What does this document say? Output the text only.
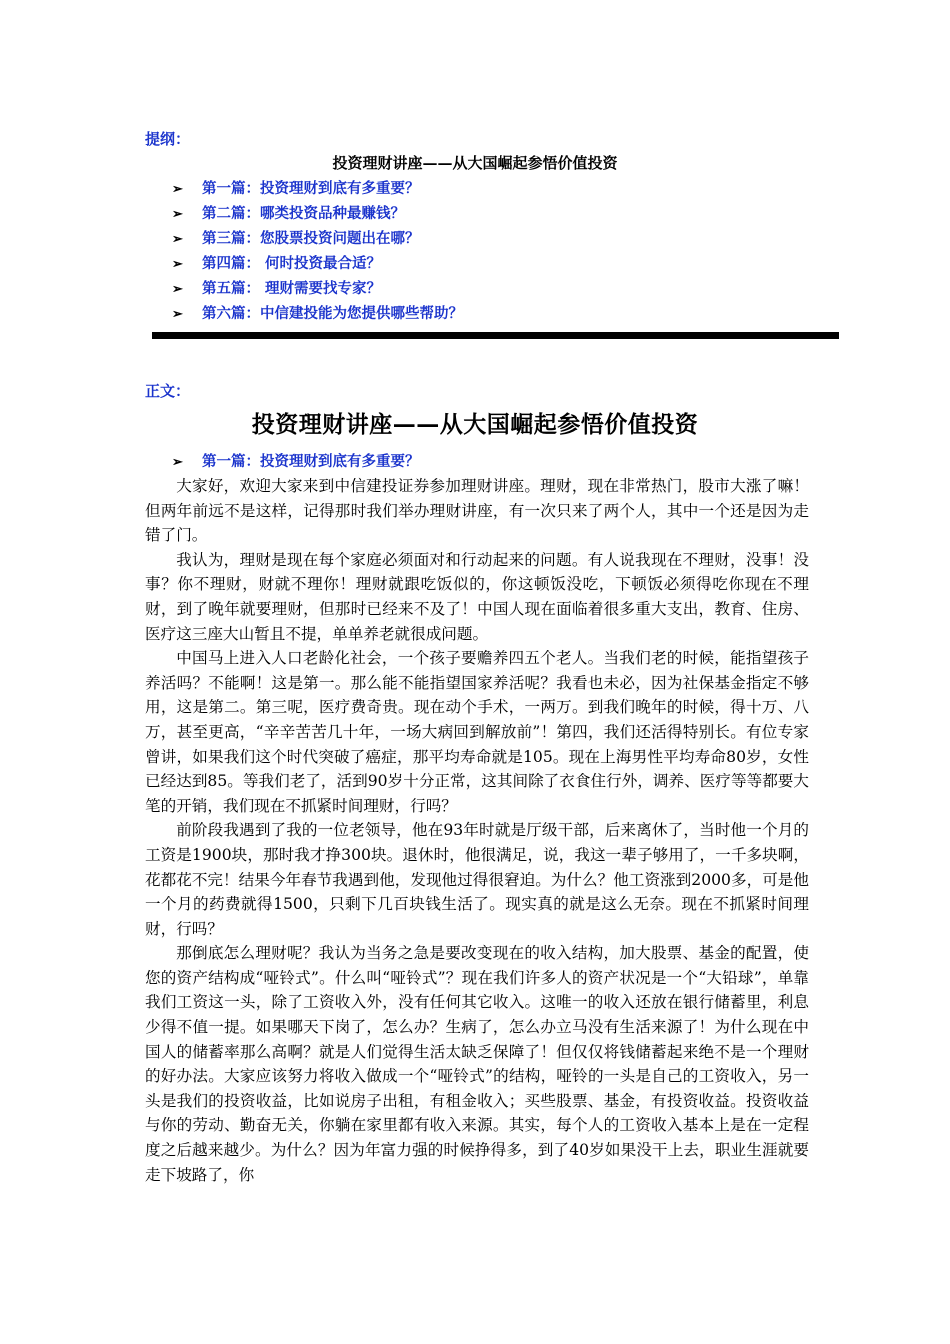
提纲：
投资理财讲座——从大国崛起参悟价值投资
➢ 第一篇：投资理财到底有多重要？
➢ 第二篇：哪类投资品种最赚钱？
➢ 第三篇：您股票投资问题出在哪？
➢ 第四篇： 何时投资最合适？
➢ 第五篇： 理财需要找专家？
➢ 第六篇：中信建投能为您提供哪些帮助？
正文：
投资理财讲座——从大国崛起参悟价值投资
➢ 第一篇：投资理财到底有多重要？

大家好，欢迎大家来到中信建投证券参加理财讲座。理财，现在非常热门，股市大涨了嘛！但两年前远不是这样，记得那时我们举办理财讲座，有一次只来了两个人，其中一个还是因为走错了门。

我认为，理财是现在每个家庭必须面对和行动起来的问题。有人说我现在不理财，没事！没事？你不理财，财就不理你！理财就跟吃饭似的，你这顿饭没吃，下顿饭必须得吃你现在不理财，到了晚年就要理财，但那时已经来不及了！中国人现在面临着很多重大支出，教育、住房、医疗这三座大山暂且不提，单单养老就很成问题。

中国马上进入人口老龄化社会，一个孩子要赡养四五个老人。当我们老的时候，能指望孩子养活吗？不能啊！这是第一。那么能不能指望国家养活呢？我看也未必，因为社保基金指定不够用，这是第二。第三呢，医疗费奇贵。现在动个手术，一两万。到我们晚年的时候，得十万、八万，甚至更高，“辛辛苦苦几十年，一场大病回到解放前”！第四，我们还活得特别长。有位专家曾讲，如果我们这个时代突破了癌症，那平均寿命就是105。现在上海男性平均寿命80岁，女性已经达到85。等我们老了，活到90岁十分正常，这其间除了衣食住行外，调养、医疗等等都要大笔的开销，我们现在不抓紧时间理财，行吗？

前阶段我遇到了我的一位老领导，他在93年时就是厅级干部，后来离休了，当时他一个月的工资是1900块，那时我才挣300块。退休时，他很满足，说，我这一辈子够用了，一千多块啊，花都花不完！结果今年春节我遇到他，发现他过得很窘迫。为什么？他工资涨到2000多，可是他一个月的药费就得1500，只剩下几百块钱生活了。现实真的就是这么无奈。现在不抓紧时间理财，行吗？

那倒底怎么理财呢？我认为当务之急是要改变现在的收入结构，加大股票、基金的配置，使您的资产结构成“哑铃式”。什么叫“哑铃式”？现在我们许多人的资产状况是一个“大铅球”，单靠我们工资这一头，除了工资收入外，没有任何其它收入。这唯一的收入还放在银行储蓄里，利息少得不值一提。如果哪天下岗了，怎么办？生病了，怎么办立马没有生活来源了！为什么现在中国人的储蓄率那么高啊？就是人们觉得生活太缺乏保障了！但仅仅将钱储蓄起来绝不是一个理财的好办法。大家应该努力将收入做成一个“哑铃式”的结构，哑铃的一头是自己的工资收入，另一头是我们的投资收益，比如说房子出租，有租金收入；买些股票、基金，有投资收益。投资收益与你的劳动、勤奋无关，你躺在家里都有收入来源。其实，每个人的工资收入基本上是在一定程度之后越来越少。为什么？因为年富力强的时候挣得多，到了40岁如果没干上去，职业生涯就要走下坡路了，你
